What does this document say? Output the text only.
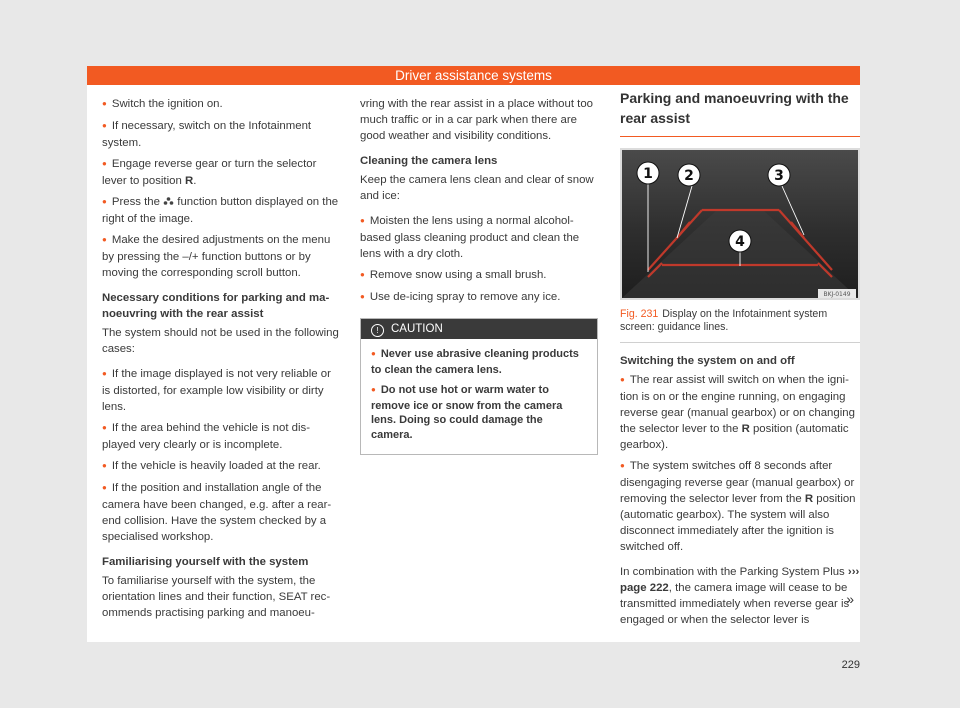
Driver assistance systems

● Switch the ignition on.

● If necessary, switch on the Infotainment system.

● Engage reverse gear or turn the selector lever to position R.

● Press the  function button displayed on the right of the image.

● Make the desired adjustments on the menu by pressing the –/+ function buttons or by moving the corresponding scroll button.

Necessary conditions for parking and manoeuvring with the rear assist

The system should not be used in the following cases:

● If the image displayed is not very reliable or is distorted, for example low visibility or dirty lens.

● If the area behind the vehicle is not displayed very clearly or is incomplete.

● If the vehicle is heavily loaded at the rear.

● If the position and installation angle of the camera have been changed, e.g. after a rear-end collision. Have the system checked by a specialised workshop.

Familiarising yourself with the system

To familiarise yourself with the system, the orientation lines and their function, SEAT recommends practising parking and manoeu-

vring with the rear assist in a place without too much traffic or in a car park when there are good weather and visibility conditions.

Cleaning the camera lens

Keep the camera lens clean and clear of snow and ice:

● Moisten the lens using a normal alcohol-based glass cleaning product and clean the lens with a dry cloth.

● Remove snow using a small brush.

● Use de-icing spray to remove any ice.

! CAUTION

● Never use abrasive cleaning products to clean the camera lens.

● Do not use hot or warm water to remove ice or snow from the camera lens. Doing so could damage the camera.

Parking and manoeuvring with the rear assist
1 2	3
4
BKJ-0149
Fig. 231 Display on the Infotainment system screen: guidance lines.

Switching the system on and off

● The rear assist will switch on when the ignition is on or the engine running, on engaging reverse gear (manual gearbox) or on changing the selector lever to the R position (automatic gearbox).

● The system switches off 8 seconds after disengaging reverse gear (manual gearbox) or removing the selector lever from the R position (automatic gearbox). The system will also disconnect immediately after the ignition is switched off.

In combination with the Parking System Plus ››› page 222, the camera image will cease to be transmitted immediately when reverse gear is engaged or when the selector lever is

»
229
